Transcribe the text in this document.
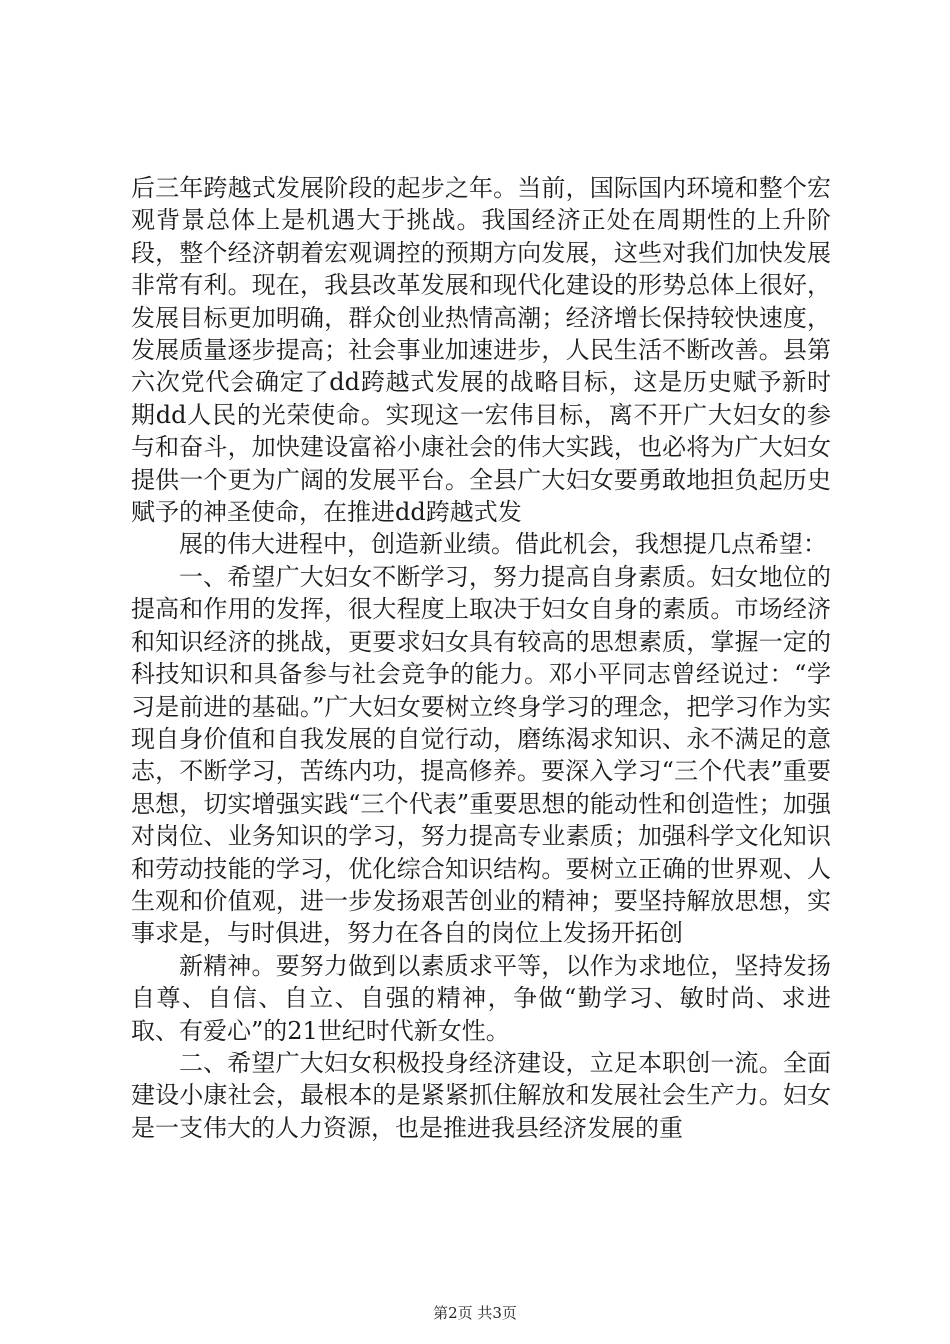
后三年跨越式发展阶段的起步之年。当前，国际国内环境和整个宏观背景总体上是机遇大于挑战。我国经济正处在周期性的上升阶段，整个经济朝着宏观调控的预期方向发展，这些对我们加快发展非常有利。现在，我县改革发展和现代化建设的形势总体上很好，发展目标更加明确，群众创业热情高潮；经济增长保持较快速度，发展质量逐步提高；社会事业加速进步，人民生活不断改善。县第六次党代会确定了dd跨越式发展的战略目标，这是历史赋予新时期dd人民的光荣使命。实现这一宏伟目标，离不开广大妇女的参与和奋斗，加快建设富裕小康社会的伟大实践，也必将为广大妇女提供一个更为广阔的发展平台。全县广大妇女要勇敢地担负起历史赋予的神圣使命，在推进dd跨越式发

展的伟大进程中，创造新业绩。借此机会，我想提几点希望：

一、希望广大妇女不断学习，努力提高自身素质。妇女地位的提高和作用的发挥，很大程度上取决于妇女自身的素质。市场经济和知识经济的挑战，更要求妇女具有较高的思想素质，掌握一定的科技知识和具备参与社会竞争的能力。邓小平同志曾经说过：“学习是前进的基础。”广大妇女要树立终身学习的理念，把学习作为实现自身价值和自我发展的自觉行动，磨练渴求知识、永不满足的意志，不断学习，苦练内功，提高修养。要深入学习“三个代表”重要思想，切实增强实践“三个代表”重要思想的能动性和创造性；加强对岗位、业务知识的学习，努力提高专业素质；加强科学文化知识和劳动技能的学习，优化综合知识结构。要树立正确的世界观、人生观和价值观，进一步发扬艰苦创业的精神；要坚持解放思想，实事求是，与时俱进，努力在各自的岗位上发扬开拓创

新精神。要努力做到以素质求平等，以作为求地位，坚持发扬自尊、自信、自立、自强的精神，争做“勤学习、敏时尚、求进取、有爱心”的21世纪时代新女性。

二、希望广大妇女积极投身经济建设，立足本职创一流。全面建设小康社会，最根本的是紧紧抓住解放和发展社会生产力。妇女是一支伟大的人力资源，也是推进我县经济发展的重

第2页 共3页
